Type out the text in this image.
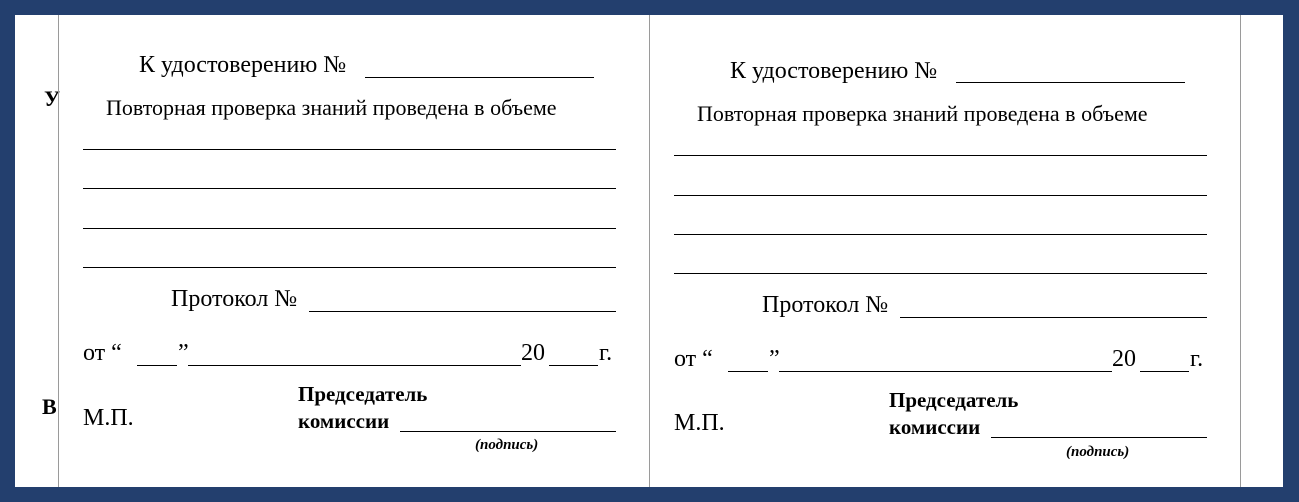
У
В
К удостоверению №
Повторная проверка знаний проведена в объеме
Протокол №
от “ ”	20 г.
М.П.
Председатель
комиссии
(подпись)
К удостоверению №
Повторная проверка знаний проведена в объеме
Протокол №
от “ ”	20 г.
М.П.
Председатель
комиссии
(подпись)
